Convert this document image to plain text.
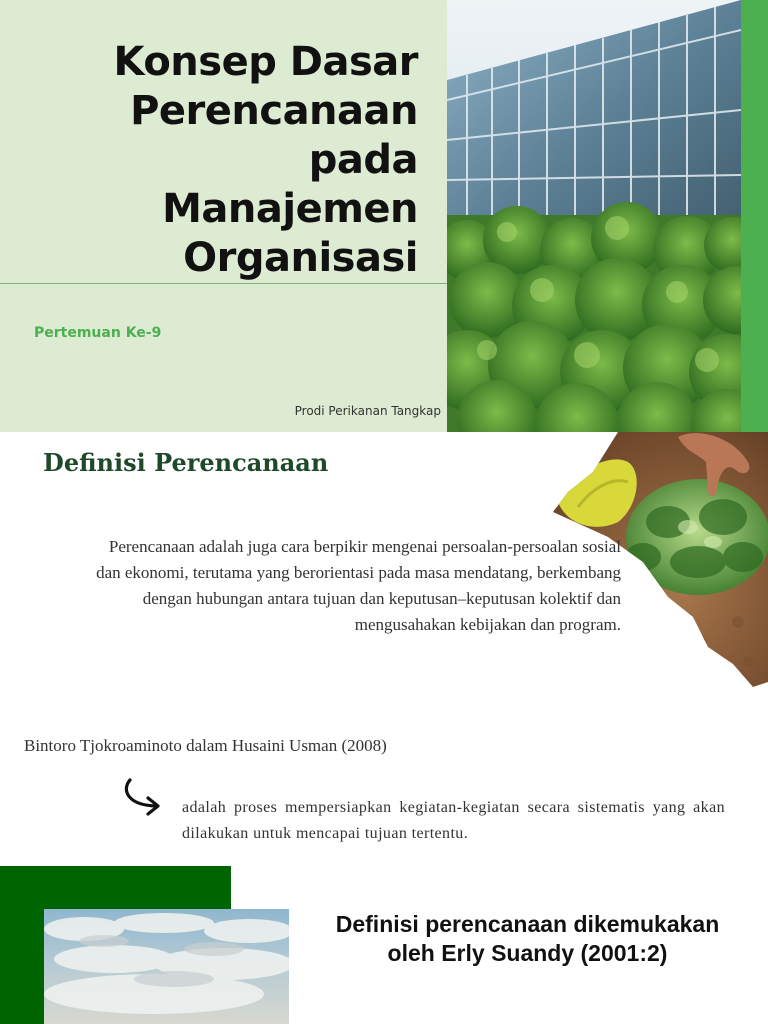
Konsep Dasar Perencanaan pada Manajemen Organisasi
Pertemuan Ke-9
Prodi Perikanan Tangkap
Definisi Perencanaan

Perencanaan adalah juga cara berpikir mengenai persoalan-persoalan sosial dan ekonomi, terutama yang berorientasi pada masa mendatang, berkembang dengan hubungan antara tujuan dan keputusan–keputusan kolektif dan mengusahakan kebijakan dan program.

Bintoro Tjokroaminoto dalam Husaini Usman (2008)

adalah proses mempersiapkan kegiatan-kegiatan secara sistematis yang akan dilakukan untuk mencapai tujuan tertentu.

Definisi perencanaan dikemukakan oleh Erly Suandy (2001:2)
